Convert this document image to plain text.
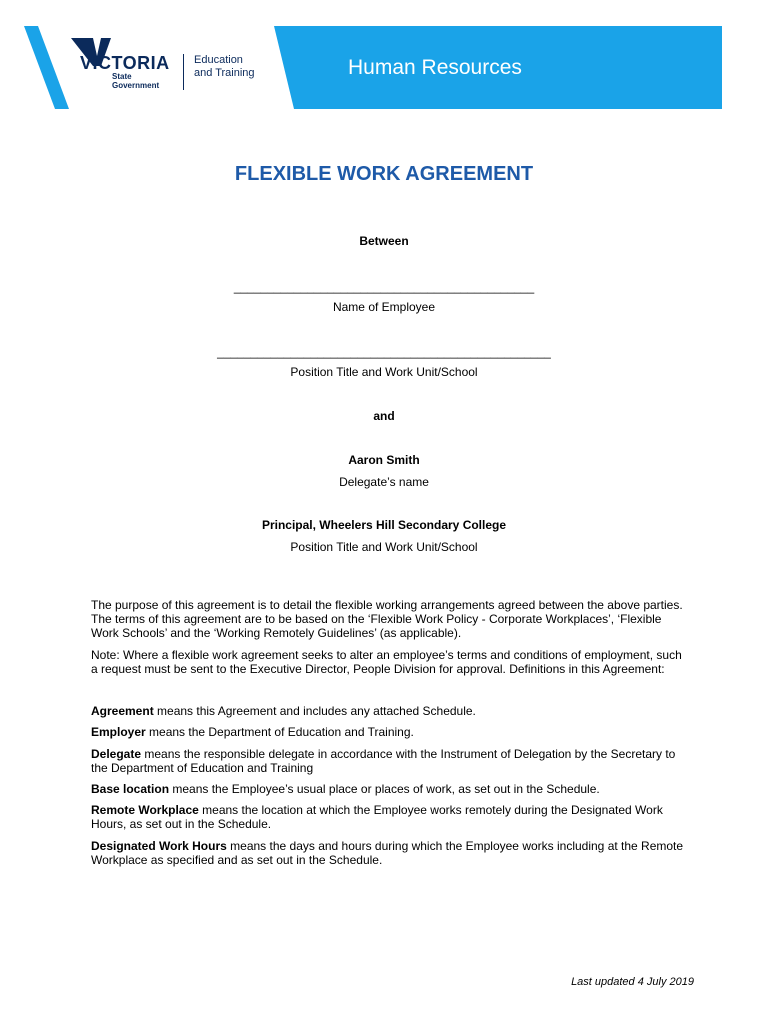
VICTORIA
State
Government
Education
and Training	Human Resources
FLEXIBLE WORK AGREEMENT
Between
_____________________________________________
Name of Employee
__________________________________________________
Position Title and Work Unit/School
and
Aaron Smith
Delegate’s name
Principal, Wheelers Hill Secondary College
Position Title and Work Unit/School
The purpose of this agreement is to detail the flexible working arrangements agreed between the above parties. The terms of this agreement are to be based on the ‘Flexible Work Policy - Corporate Workplaces’, ‘Flexible Work Schools’ and the ‘Working Remotely Guidelines’ (as applicable).
Note: Where a flexible work agreement seeks to alter an employee’s terms and conditions of employment, such a request must be sent to the Executive Director, People Division for approval. Definitions in this Agreement:
Agreement means this Agreement and includes any attached Schedule.
Employer means the Department of Education and Training.
Delegate means the responsible delegate in accordance with the Instrument of Delegation by the Secretary to the Department of Education and Training
Base location means the Employee’s usual place or places of work, as set out in the Schedule.
Remote Workplace means the location at which the Employee works remotely during the Designated Work Hours, as set out in the Schedule.
Designated Work Hours means the days and hours during which the Employee works including at the Remote Workplace as specified and as set out in the Schedule.
Last updated 4 July 2019
